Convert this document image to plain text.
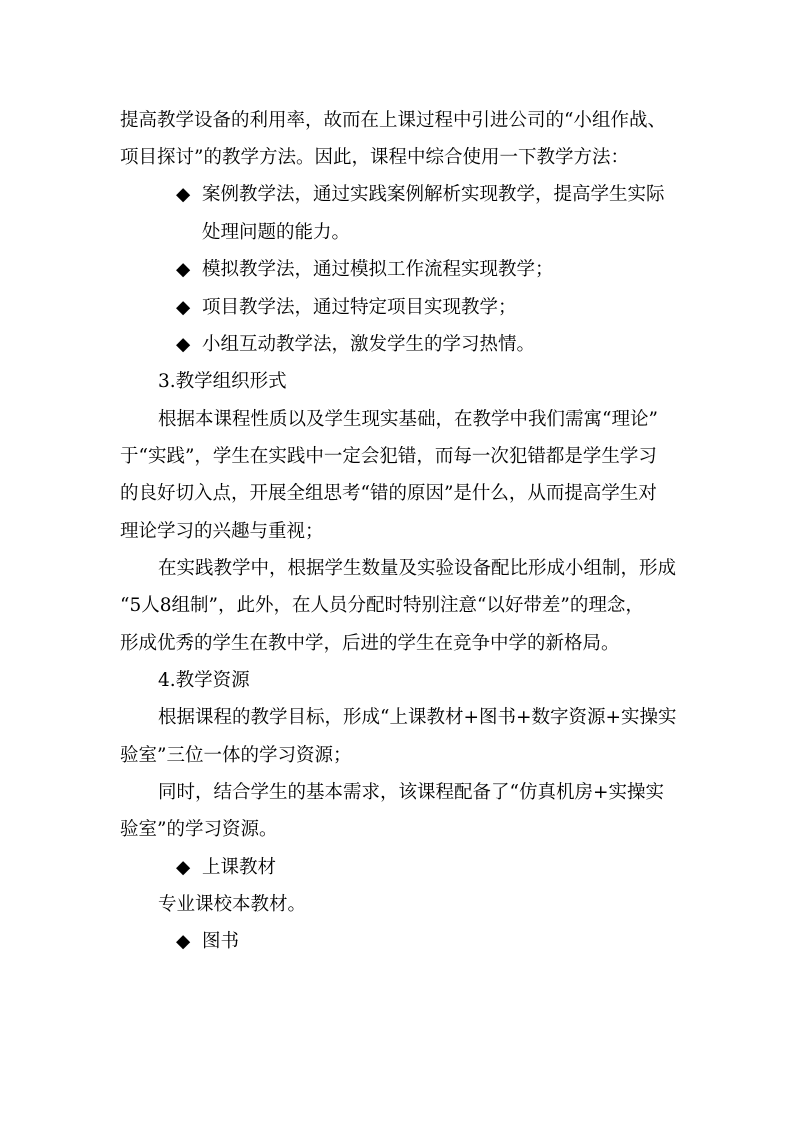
提高教学设备的利用率，故而在上课过程中引进公司的“小组作战、
项目探讨”的教学方法。因此，课程中综合使用一下教学方法：
◆ 案例教学法，通过实践案例解析实现教学，提高学生实际
处理问题的能力。
◆ 模拟教学法，通过模拟工作流程实现教学；
◆ 项目教学法，通过特定项目实现教学；
◆ 小组互动教学法，激发学生的学习热情。
3.教学组织形式
根据本课程性质以及学生现实基础，在教学中我们需寓“理论”
于“实践”，学生在实践中一定会犯错，而每一次犯错都是学生学习
的良好切入点，开展全组思考“错的原因”是什么，从而提高学生对
理论学习的兴趣与重视；
在实践教学中，根据学生数量及实验设备配比形成小组制，形成
“5人8组制”，此外，在人员分配时特别注意“以好带差”的理念，
形成优秀的学生在教中学，后进的学生在竞争中学的新格局。
4.教学资源
根据课程的教学目标，形成“上课教材+图书+数字资源+实操实
验室”三位一体的学习资源；
同时，结合学生的基本需求，该课程配备了“仿真机房+实操实
验室”的学习资源。
◆ 上课教材
专业课校本教材。
◆ 图书
